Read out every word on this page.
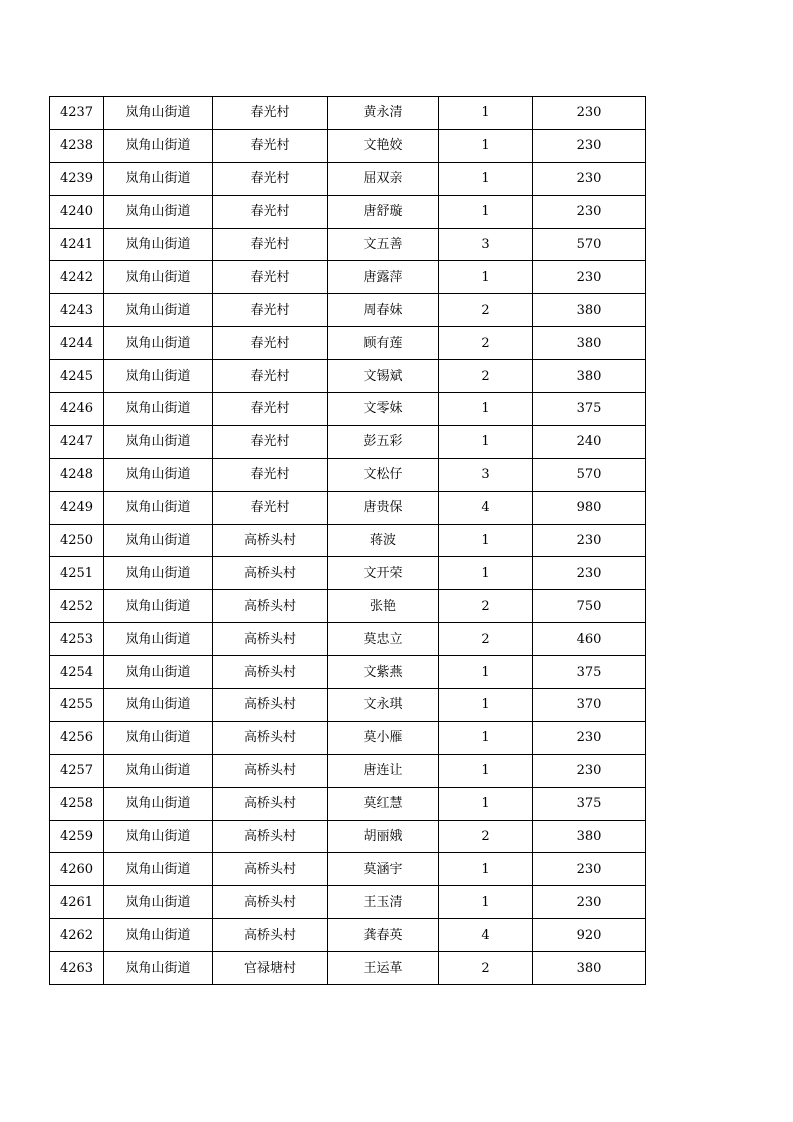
4237	岚角山街道	春光村	黄永清	1	230
4238	岚角山街道	春光村	文艳姣	1	230
4239	岚角山街道	春光村	屈双亲	1	230
4240	岚角山街道	春光村	唐舒璇	1	230
4241	岚角山街道	春光村	文五善	3	570
4242	岚角山街道	春光村	唐露萍	1	230
4243	岚角山街道	春光村	周春妹	2	380
4244	岚角山街道	春光村	顾有莲	2	380
4245	岚角山街道	春光村	文锡斌	2	380
4246	岚角山街道	春光村	文零妹	1	375
4247	岚角山街道	春光村	彭五彩	1	240
4248	岚角山街道	春光村	文松仔	3	570
4249	岚角山街道	春光村	唐贵保	4	980
4250	岚角山街道	高桥头村	蒋波	1	230
4251	岚角山街道	高桥头村	文开荣	1	230
4252	岚角山街道	高桥头村	张艳	2	750
4253	岚角山街道	高桥头村	莫忠立	2	460
4254	岚角山街道	高桥头村	文紫燕	1	375
4255	岚角山街道	高桥头村	文永琪	1	370
4256	岚角山街道	高桥头村	莫小雁	1	230
4257	岚角山街道	高桥头村	唐连让	1	230
4258	岚角山街道	高桥头村	莫红慧	1	375
4259	岚角山街道	高桥头村	胡丽娥	2	380
4260	岚角山街道	高桥头村	莫涵宇	1	230
4261	岚角山街道	高桥头村	王玉清	1	230
4262	岚角山街道	高桥头村	龚春英	4	920
4263	岚角山街道	官禄塘村	王运革	2	380
